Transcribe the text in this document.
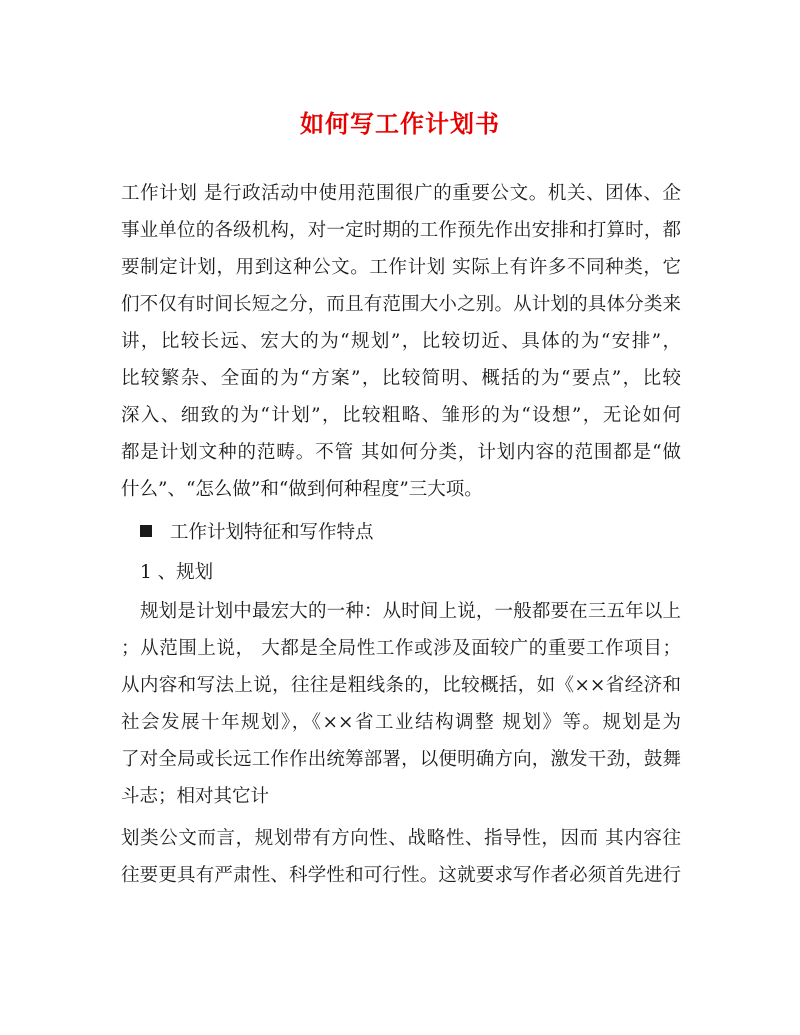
如何写工作计划书
工作计划 是行政活动中使用范围很广的重要公文。机关、团体、企
事业单位的各级机构，对一定时期的工作预先作出安排和打算时，都
要制定计划，用到这种公文。工作计划 实际上有许多不同种类，它
们不仅有时间长短之分，而且有范围大小之别。从计划的具体分类来
讲，比较长远、宏大的为“规划”，比较切近、具体的为“安排”，
比较繁杂、全面的为“方案”，比较简明、概括的为“要点”，比较
深入、细致的为“计划”，比较粗略、雏形的为“设想”，无论如何
都是计划文种的范畴。不管 其如何分类，计划内容的范围都是“做
什么”、“怎么做”和“做到何种程度”三大项。
工作计划特征和写作特点
1 、规划
规划是计划中最宏大的一种：从时间上说，一般都要在三五年以上
；从范围上说， 大都是全局性工作或涉及面较广的重要工作项目；
从内容和写法上说，往往是粗线条的，比较概括，如《××省经济和
社会发展十年规划》，《××省工业结构调整 规划》等。规划是为
了对全局或长远工作作出统筹部署，以便明确方向，激发干劲，鼓舞
斗志；相对其它计
划类公文而言，规划带有方向性、战略性、指导性，因而 其内容往
往要更具有严肃性、科学性和可行性。这就要求写作者必须首先进行
